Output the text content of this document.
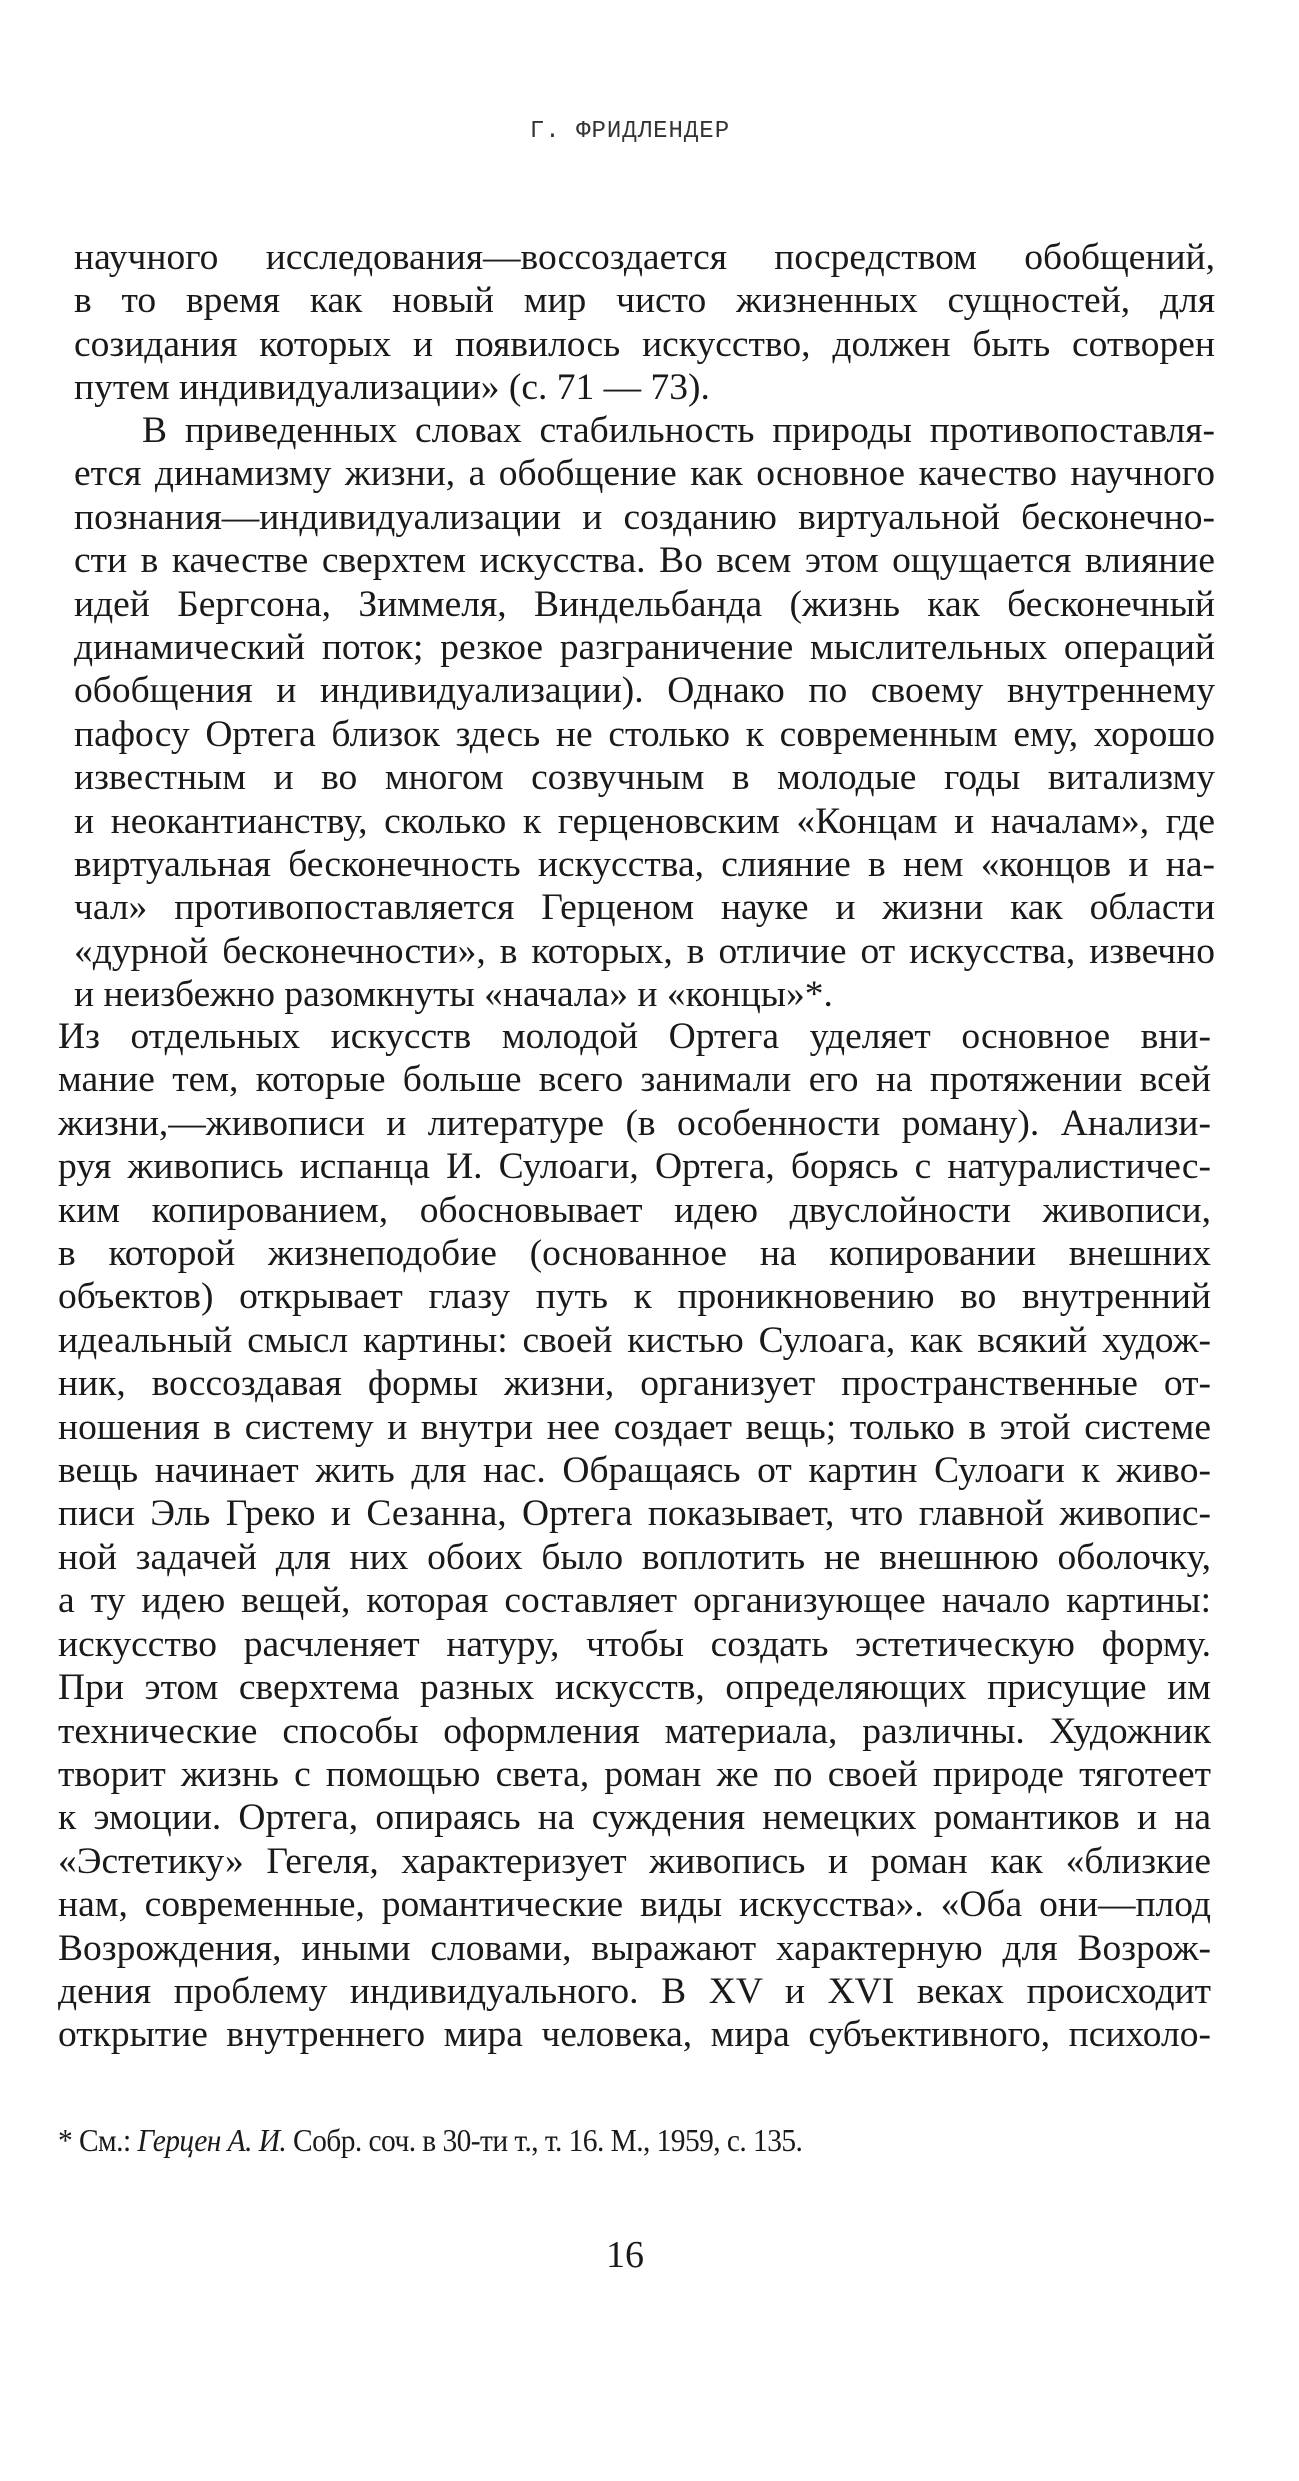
Г. ФРИДЛЕНДЕР
научного исследования—воссоздается посредством обобщений,
в то время как новый мир чисто жизненных сущностей, для
созидания которых и появилось искусство, должен быть сотворен
путем индивидуализации» (с. 71 — 73).
В приведенных словах стабильность природы противопоставля-
ется динамизму жизни, а обобщение как основное качество научного
познания—индивидуализации и созданию виртуальной бесконечно-
сти в качестве сверхтем искусства. Во всем этом ощущается влияние
идей Бергсона, Зиммеля, Виндельбанда (жизнь как бесконечный
динамический поток; резкое разграничение мыслительных операций
обобщения и индивидуализации). Однако по своему внутреннему
пафосу Ортега близок здесь не столько к современным ему, хорошо
известным и во многом созвучным в молодые годы витализму
и неокантианству, сколько к герценовским «Концам и началам», где
виртуальная бесконечность искусства, слияние в нем «концов и на-
чал» противопоставляется Герценом науке и жизни как области
«дурной бесконечности», в которых, в отличие от искусства, извечно
и неизбежно разомкнуты «начала» и «концы»*.
Из отдельных искусств молодой Ортега уделяет основное вни-
мание тем, которые больше всего занимали его на протяжении всей
жизни,—живописи и литературе (в особенности роману). Анализи-
руя живопись испанца И. Сулоаги, Ортега, борясь с натуралистичес-
ким копированием, обосновывает идею двуслойности живописи,
в которой жизнеподобие (основанное на копировании внешних
объектов) открывает глазу путь к проникновению во внутренний
идеальный смысл картины: своей кистью Сулоага, как всякий худож-
ник, воссоздавая формы жизни, организует пространственные от-
ношения в систему и внутри нее создает вещь; только в этой системе
вещь начинает жить для нас. Обращаясь от картин Сулоаги к живо-
писи Эль Греко и Сезанна, Ортега показывает, что главной живопис-
ной задачей для них обоих было воплотить не внешнюю оболочку,
а ту идею вещей, которая составляет организующее начало картины:
искусство расчленяет натуру, чтобы создать эстетическую форму.
При этом сверхтема разных искусств, определяющих присущие им
технические способы оформления материала, различны. Художник
творит жизнь с помощью света, роман же по своей природе тяготеет
к эмоции. Ортега, опираясь на суждения немецких романтиков и на
«Эстетику» Гегеля, характеризует живопись и роман как «близкие
нам, современные, романтические виды искусства». «Оба они—плод
Возрождения, иными словами, выражают характерную для Возрож-
дения проблему индивидуального. В XV и XVI веках происходит
открытие внутреннего мира человека, мира субъективного, психоло-
* См.: Герцен А. И. Собр. соч. в 30-ти т., т. 16. М., 1959, с. 135.
16
